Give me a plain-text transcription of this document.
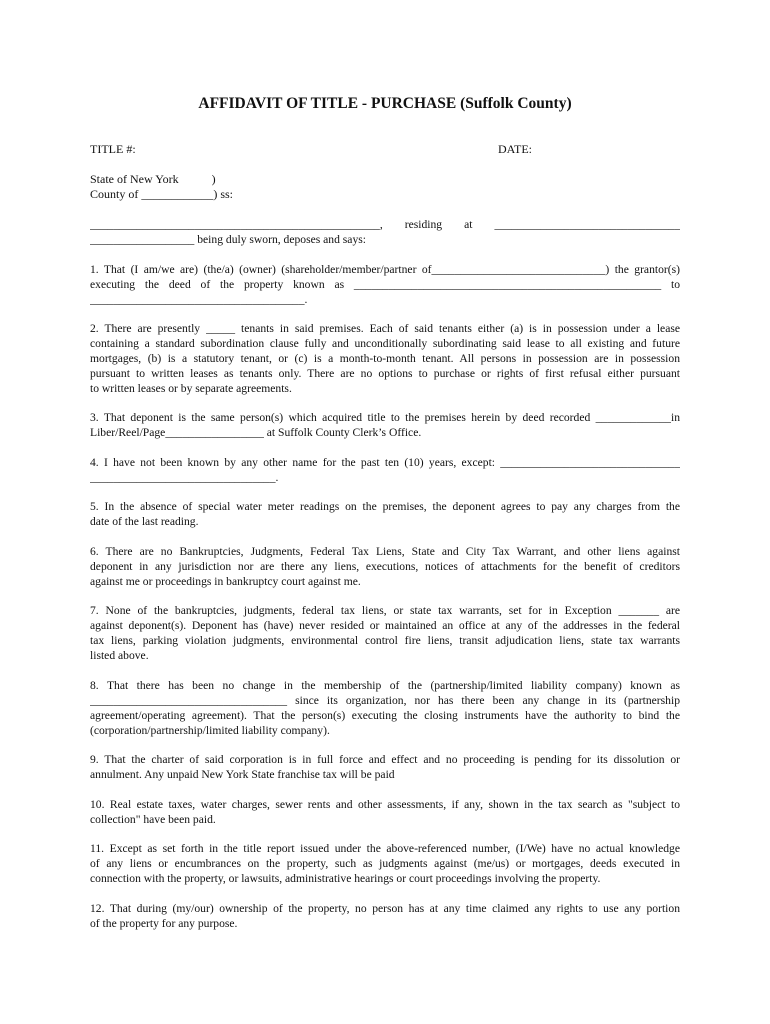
AFFIDAVIT OF TITLE - PURCHASE (Suffolk County)
TITLE #:	DATE:
State of New York           )
County of ____________) ss:
__________________________________________________, residing at ________________________________
__________________ being duly sworn, deposes and says:
1. That (I am/we are) (the/a) (owner) (shareholder/member/partner of______________________________) the grantor(s)
executing the deed of the property known as _____________________________________________________ to
_____________________________________.
2. There are presently _____ tenants in said premises. Each of said tenants either (a) is in possession under a lease
containing a standard subordination clause fully and unconditionally subordinating said lease to all existing and future
mortgages, (b) is a statutory tenant, or (c) is a month-to-month tenant. All persons in possession are in possession
pursuant to written leases as tenants only. There are no options to purchase or rights of first refusal either pursuant
to written leases or by separate agreements.
3. That deponent is the same person(s) which acquired title to the premises herein by deed recorded _____________in
Liber/Reel/Page_________________ at Suffolk County Clerk’s Office.
4. I have not been known by any other name for the past ten (10) years, except: _______________________________
________________________________.
5. In the absence of special water meter readings on the premises, the deponent agrees to pay any charges from the
date of the last reading.
6. There are no Bankruptcies, Judgments, Federal Tax Liens, State and City Tax Warrant, and other liens against
deponent in any jurisdiction nor are there any liens, executions, notices of attachments for the benefit of creditors
against me or proceedings in bankruptcy court against me.
7. None of the bankruptcies, judgments, federal tax liens, or state tax warrants, set for in Exception _______ are
against deponent(s). Deponent has (have) never resided or maintained an office at any of the addresses in the federal
tax liens, parking violation judgments, environmental control fire liens, transit adjudication liens, state tax warrants
listed above.
8. That there has been no change in the membership of the (partnership/limited liability company) known as
__________________________________ since its organization, nor has there been any change in its (partnership
agreement/operating agreement). That the person(s) executing the closing instruments have the authority to bind the
(corporation/partnership/limited liability company).
9. That the charter of said corporation is in full force and effect and no proceeding is pending for its dissolution or
annulment. Any unpaid New York State franchise tax will be paid
10. Real estate taxes, water charges, sewer rents and other assessments, if any, shown in the tax search as "subject to
collection" have been paid.
11. Except as set forth in the title report issued under the above-referenced number, (I/We) have no actual knowledge
of any liens or encumbrances on the property, such as judgments against (me/us) or mortgages, deeds executed in
connection with the property, or lawsuits, administrative hearings or court proceedings involving the property.
12. That during (my/our) ownership of the property, no person has at any time claimed any rights to use any portion
of the property for any purpose.
